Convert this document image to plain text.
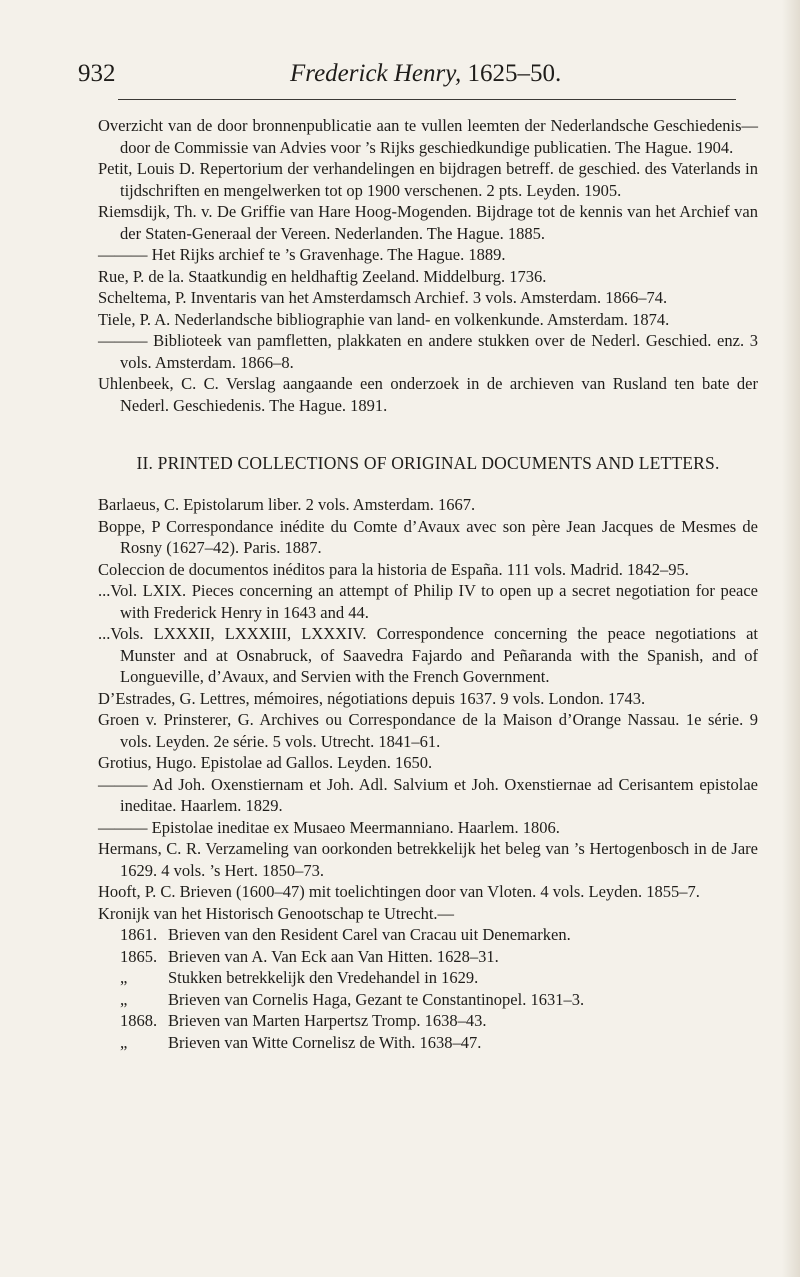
932	Frederick Henry, 1625–50.

Overzicht van de door bronnenpublicatie aan te vullen leemten der Nederlandsche Geschiedenis—door de Commissie van Advies voor ’s Rijks geschiedkundige publicatien. The Hague. 1904.

Petit, Louis D. Repertorium der verhandelingen en bijdragen betreff. de geschied. des Vaterlands in tijdschriften en mengelwerken tot op 1900 verschenen. 2 pts. Leyden. 1905.

Riemsdijk, Th. v. De Griffie van Hare Hoog-Mogenden. Bijdrage tot de kennis van het Archief van der Staten-Generaal der Vereen. Nederlanden. The Hague. 1885.

——— Het Rijks archief te ’s Gravenhage. The Hague. 1889.

Rue, P. de la. Staatkundig en heldhaftig Zeeland. Middelburg. 1736.

Scheltema, P. Inventaris van het Amsterdamsch Archief. 3 vols. Amsterdam. 1866–74.

Tiele, P. A. Nederlandsche bibliographie van land- en volkenkunde. Amsterdam. 1874.

——— Biblioteek van pamfletten, plakkaten en andere stukken over de Nederl. Geschied. enz. 3 vols. Amsterdam. 1866–8.

Uhlenbeek, C. C. Verslag aangaande een onderzoek in de archieven van Rusland ten bate der Nederl. Geschiedenis. The Hague. 1891.

II. PRINTED COLLECTIONS OF ORIGINAL DOCUMENTS AND LETTERS.

Barlaeus, C. Epistolarum liber. 2 vols. Amsterdam. 1667.

Boppe, P Correspondance inédite du Comte d’Avaux avec son père Jean Jacques de Mesmes de Rosny (1627–42). Paris. 1887.

Coleccion de documentos inéditos para la historia de España. 111 vols. Madrid. 1842–95.

...Vol. LXIX. Pieces concerning an attempt of Philip IV to open up a secret negotiation for peace with Frederick Henry in 1643 and 44.

...Vols. LXXXII, LXXXIII, LXXXIV. Correspondence concerning the peace negotiations at Munster and at Osnabruck, of Saavedra Fajardo and Peñaranda with the Spanish, and of Longueville, d’Avaux, and Servien with the French Government.

D’Estrades, G. Lettres, mémoires, négotiations depuis 1637. 9 vols. London. 1743.

Groen v. Prinsterer, G. Archives ou Correspondance de la Maison d’Orange Nassau. 1e série. 9 vols. Leyden. 2e série. 5 vols. Utrecht. 1841–61.

Grotius, Hugo. Epistolae ad Gallos. Leyden. 1650.

——— Ad Joh. Oxenstiernam et Joh. Adl. Salvium et Joh. Oxenstiernae ad Cerisantem epistolae ineditae. Haarlem. 1829.

——— Epistolae ineditae ex Musaeo Meermanniano. Haarlem. 1806.

Hermans, C. R. Verzameling van oorkonden betrekkelijk het beleg van ’s Hertogenbosch in de Jare 1629. 4 vols. ’s Hert. 1850–73.

Hooft, P. C. Brieven (1600–47) mit toelichtingen door van Vloten. 4 vols. Leyden. 1855–7.

Kronijk van het Historisch Genootschap te Utrecht.—

1861. Brieven van den Resident Carel van Cracau uit Denemarken.
1865. Brieven van A. Van Eck aan Van Hitten. 1628–31.
„	Stukken betrekkelijk den Vredehandel in 1629.
„	Brieven van Cornelis Haga, Gezant te Constantinopel. 1631–3.
1868. Brieven van Marten Harpertsz Tromp. 1638–43.
„	Brieven van Witte Cornelisz de With. 1638–47.
